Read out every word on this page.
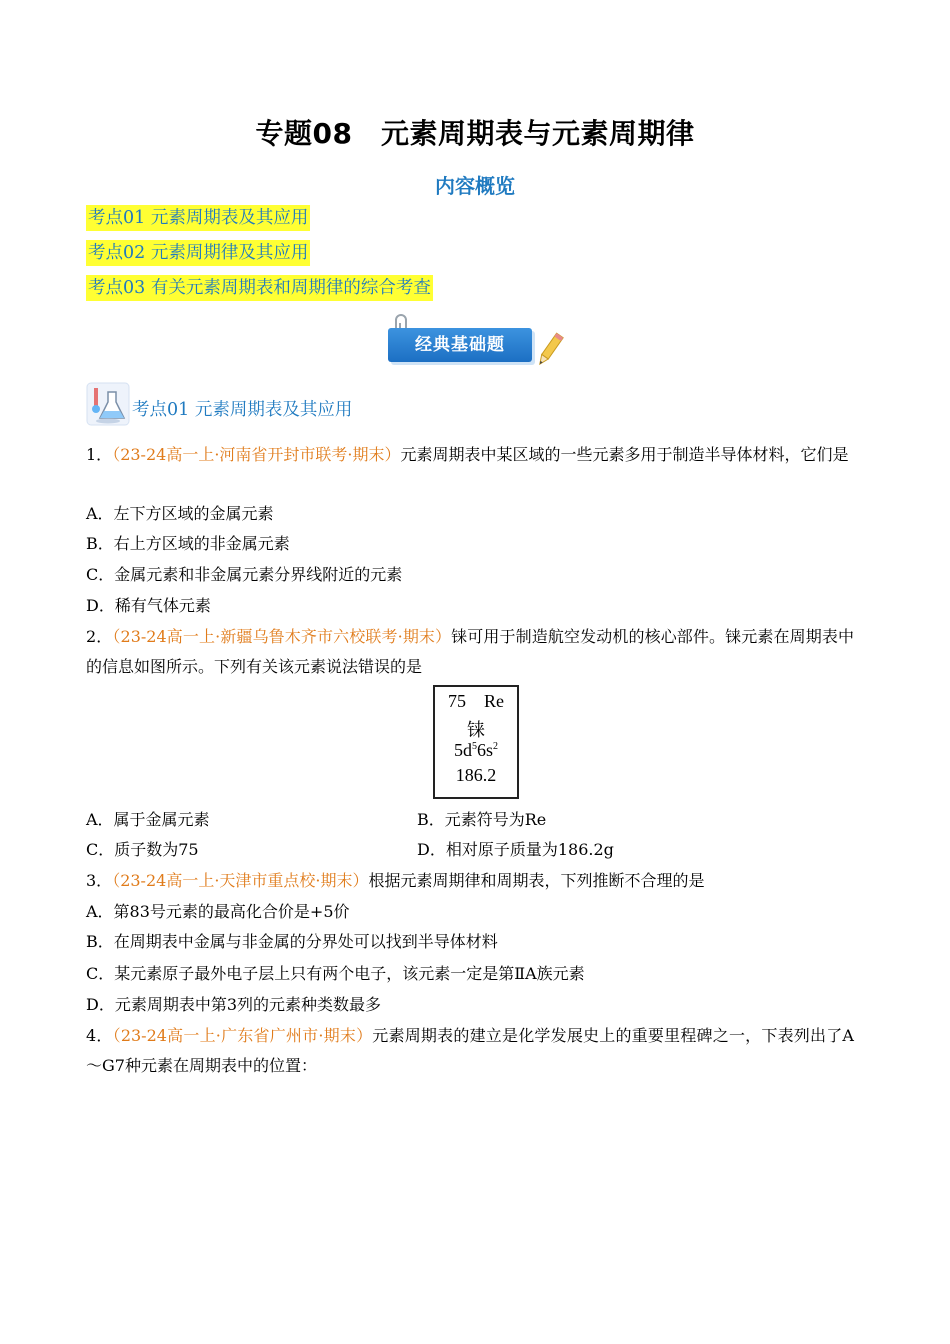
专题08　元素周期表与元素周期律
内容概览
考点01 元素周期表及其应用
考点02 元素周期律及其应用
考点03 有关元素周期表和周期律的综合考查
经典基础题
考点01 元素周期表及其应用
1．（23-24高一上·河南省开封市联考·期末）元素周期表中某区域的一些元素多用于制造半导体材料，它们是
A．左下方区域的金属元素
B．右上方区域的非金属元素
C．金属元素和非金属元素分界线附近的元素
D．稀有气体元素
2．（23-24高一上·新疆乌鲁木齐市六校联考·期末）铼可用于制造航空发动机的核心部件。铼元素在周期表中的信息如图所示。下列有关该元素说法错误的是
75 Re
铼
$5d^56s^2$
186.2
A．属于金属元素	B．元素符号为Re
C．质子数为75	D．相对原子质量为186.2g
3．（23-24高一上·天津市重点校·期末）根据元素周期律和周期表，下列推断不合理的是
A．第83号元素的最高化合价是+5价
B．在周期表中金属与非金属的分界处可以找到半导体材料
C．某元素原子最外电子层上只有两个电子，该元素一定是第ⅡA族元素
D．元素周期表中第3列的元素种类数最多
4．（23-24高一上·广东省广州市·期末）元素周期表的建立是化学发展史上的重要里程碑之一，下表列出了A～G7种元素在周期表中的位置：
